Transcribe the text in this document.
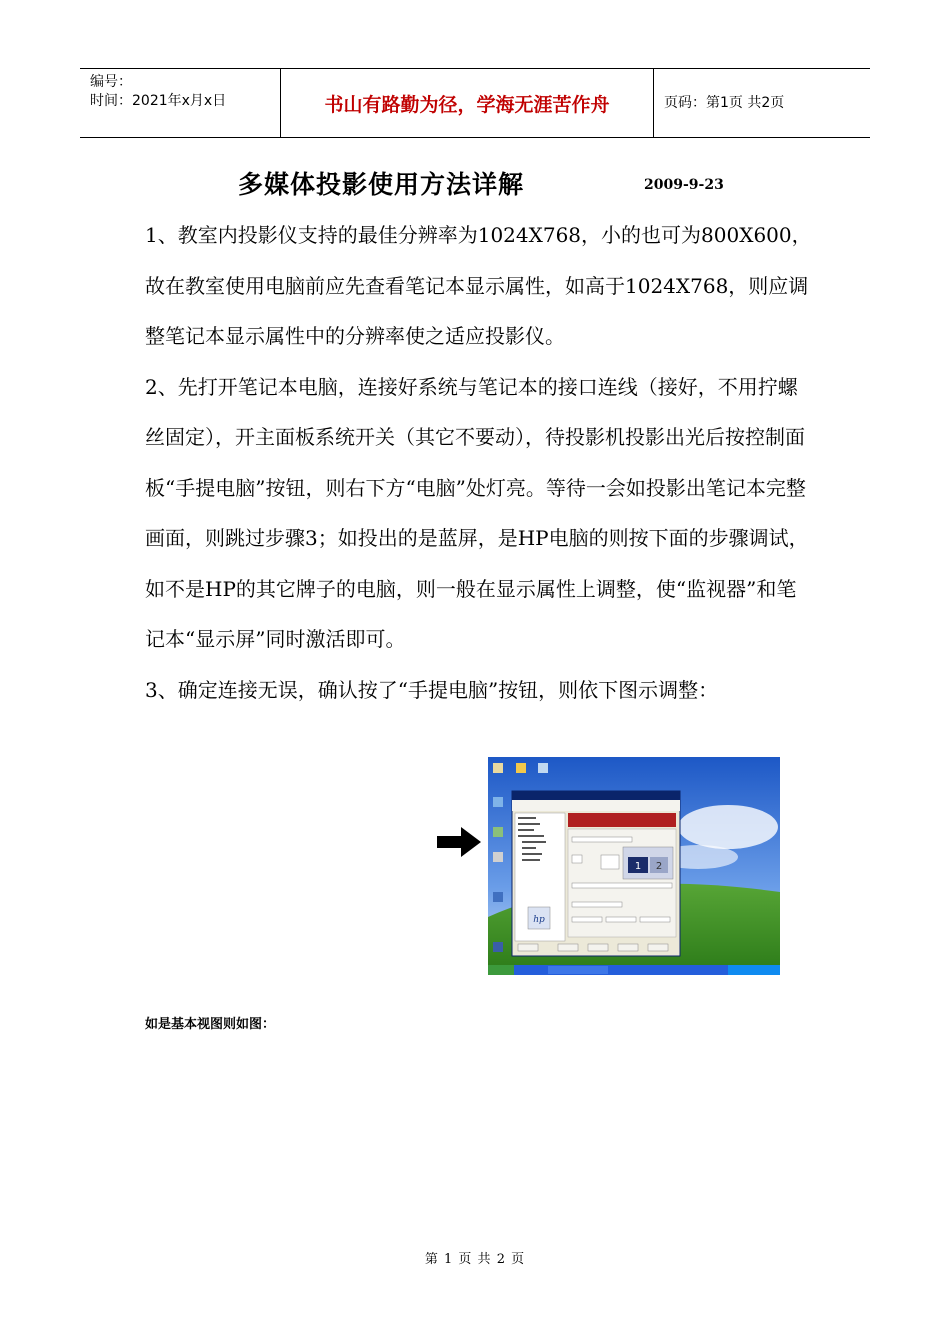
编号：
时间：2021年x月x日	书山有路勤为径，学海无涯苦作舟	页码：第1页 共2页
多媒体投影使用方法详解	2009-9-23

1、教室内投影仪支持的最佳分辨率为1024X768，小的也可为800X600，故在教室使用电脑前应先查看笔记本显示属性，如高于1024X768，则应调整笔记本显示属性中的分辨率使之适应投影仪。

2、先打开笔记本电脑，连接好系统与笔记本的接口连线（接好，不用拧螺丝固定），开主面板系统开关（其它不要动），待投影机投影出光后按控制面板“手提电脑”按钮，则右下方“电脑”处灯亮。等待一会如投影出笔记本完整画面，则跳过步骤3；如投出的是蓝屏，是HP电脑的则按下面的步骤调试，如不是HP的其它牌子的电脑，则一般在显示属性上调整，使“监视器”和笔记本“显示屏”同时激活即可。

3、确定连接无误，确认按了“手提电脑”按钮，则依下图示调整：

1 2
hp
如是基本视图则如图：
第 1 页 共 2 页
